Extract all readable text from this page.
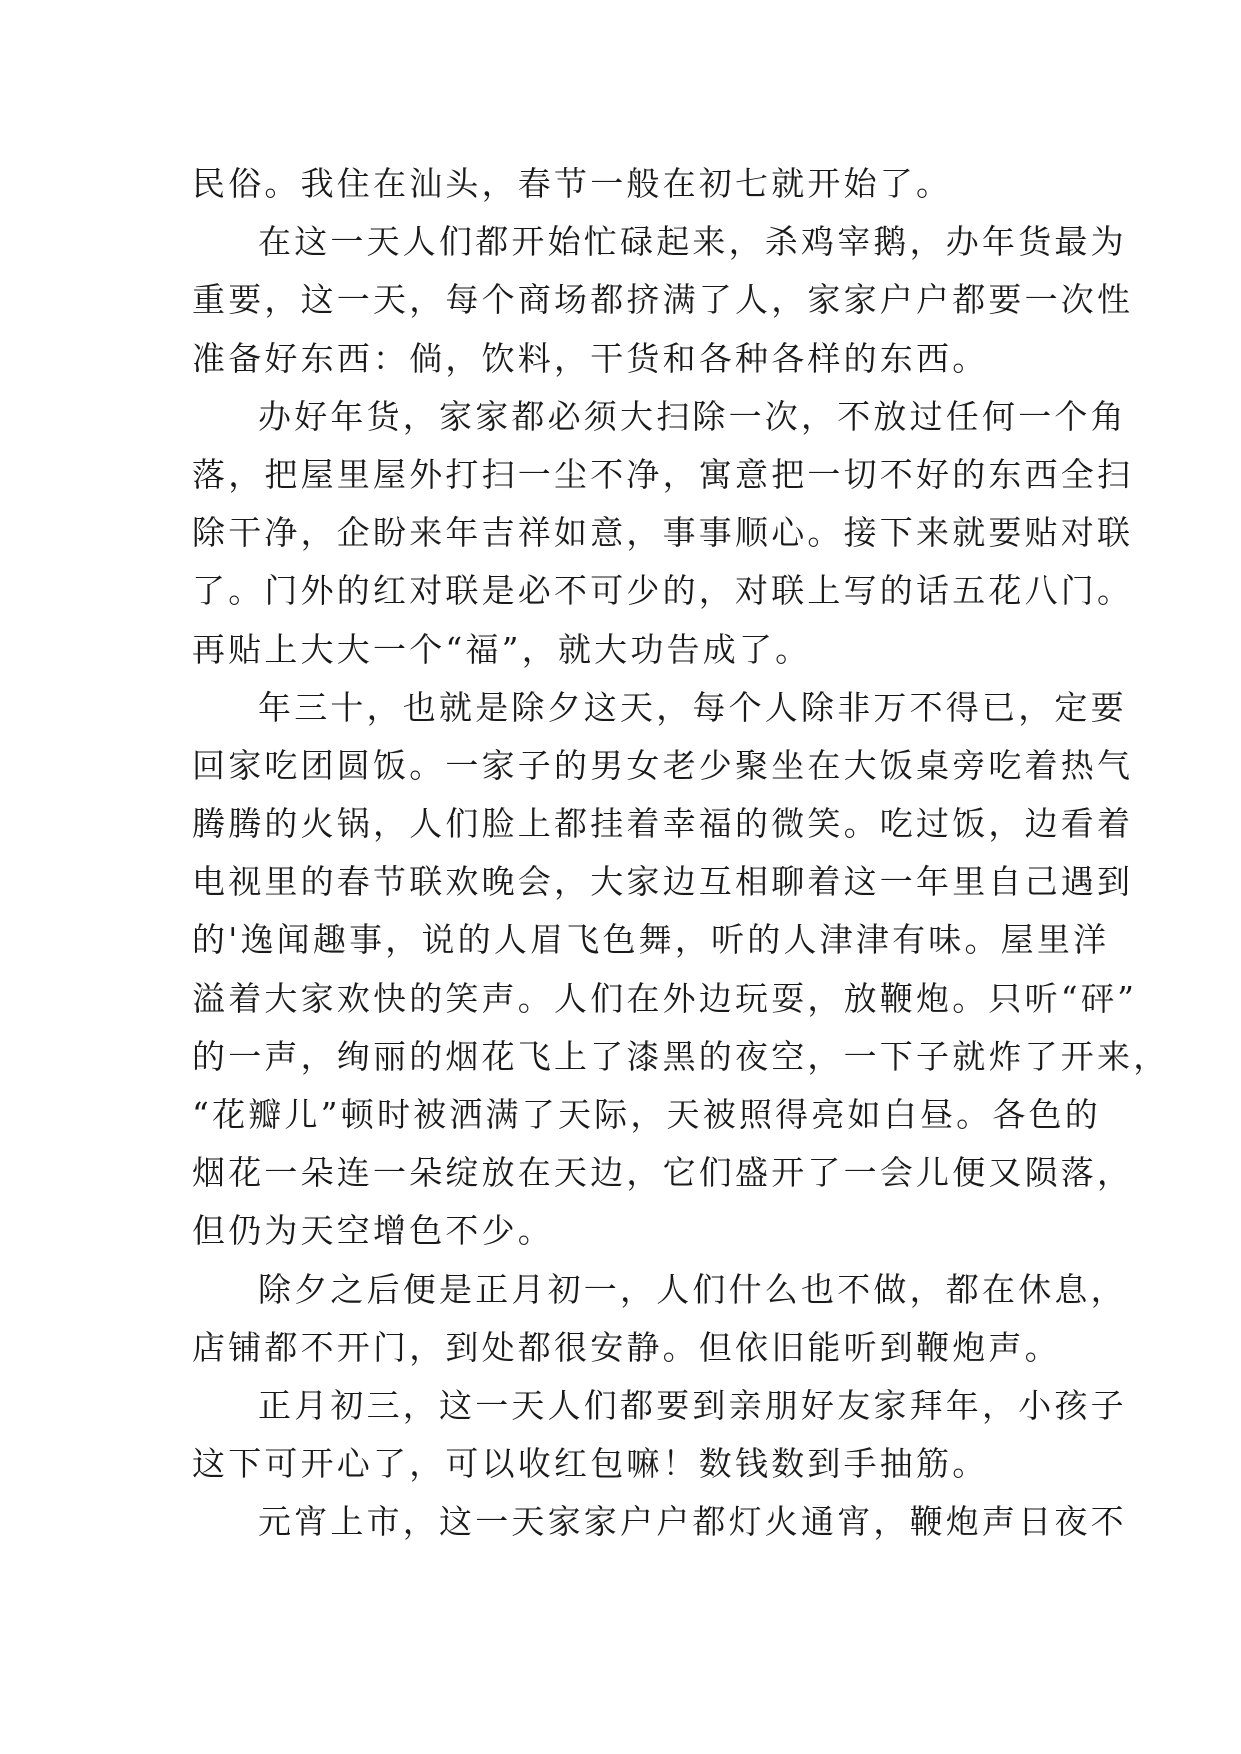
民俗。我住在汕头，春节一般在初七就开始了。
在这一天人们都开始忙碌起来，杀鸡宰鹅，办年货最为
重要，这一天，每个商场都挤满了人，家家户户都要一次性
准备好东西：倘，饮料，干货和各种各样的东西。
办好年货，家家都必须大扫除一次，不放过任何一个角
落，把屋里屋外打扫一尘不净，寓意把一切不好的东西全扫
除干净，企盼来年吉祥如意，事事顺心。接下来就要贴对联
了。门外的红对联是必不可少的，对联上写的话五花八门。
再贴上大大一个“福”，就大功告成了。
年三十，也就是除夕这天，每个人除非万不得已，定要
回家吃团圆饭。一家子的男女老少聚坐在大饭桌旁吃着热气
腾腾的火锅，人们脸上都挂着幸福的微笑。吃过饭，边看着
电视里的春节联欢晚会，大家边互相聊着这一年里自己遇到
的'逸闻趣事，说的人眉飞色舞，听的人津津有味。屋里洋
溢着大家欢快的笑声。人们在外边玩耍，放鞭炮。只听“砰”
的一声，绚丽的烟花飞上了漆黑的夜空，一下子就炸了开来，
“花瓣儿”顿时被洒满了天际，天被照得亮如白昼。各色的
烟花一朵连一朵绽放在天边，它们盛开了一会儿便又陨落，
但仍为天空增色不少。
除夕之后便是正月初一，人们什么也不做，都在休息，
店铺都不开门，到处都很安静。但依旧能听到鞭炮声。
正月初三，这一天人们都要到亲朋好友家拜年，小孩子
这下可开心了，可以收红包嘛！数钱数到手抽筋。
元宵上市，这一天家家户户都灯火通宵，鞭炮声日夜不
